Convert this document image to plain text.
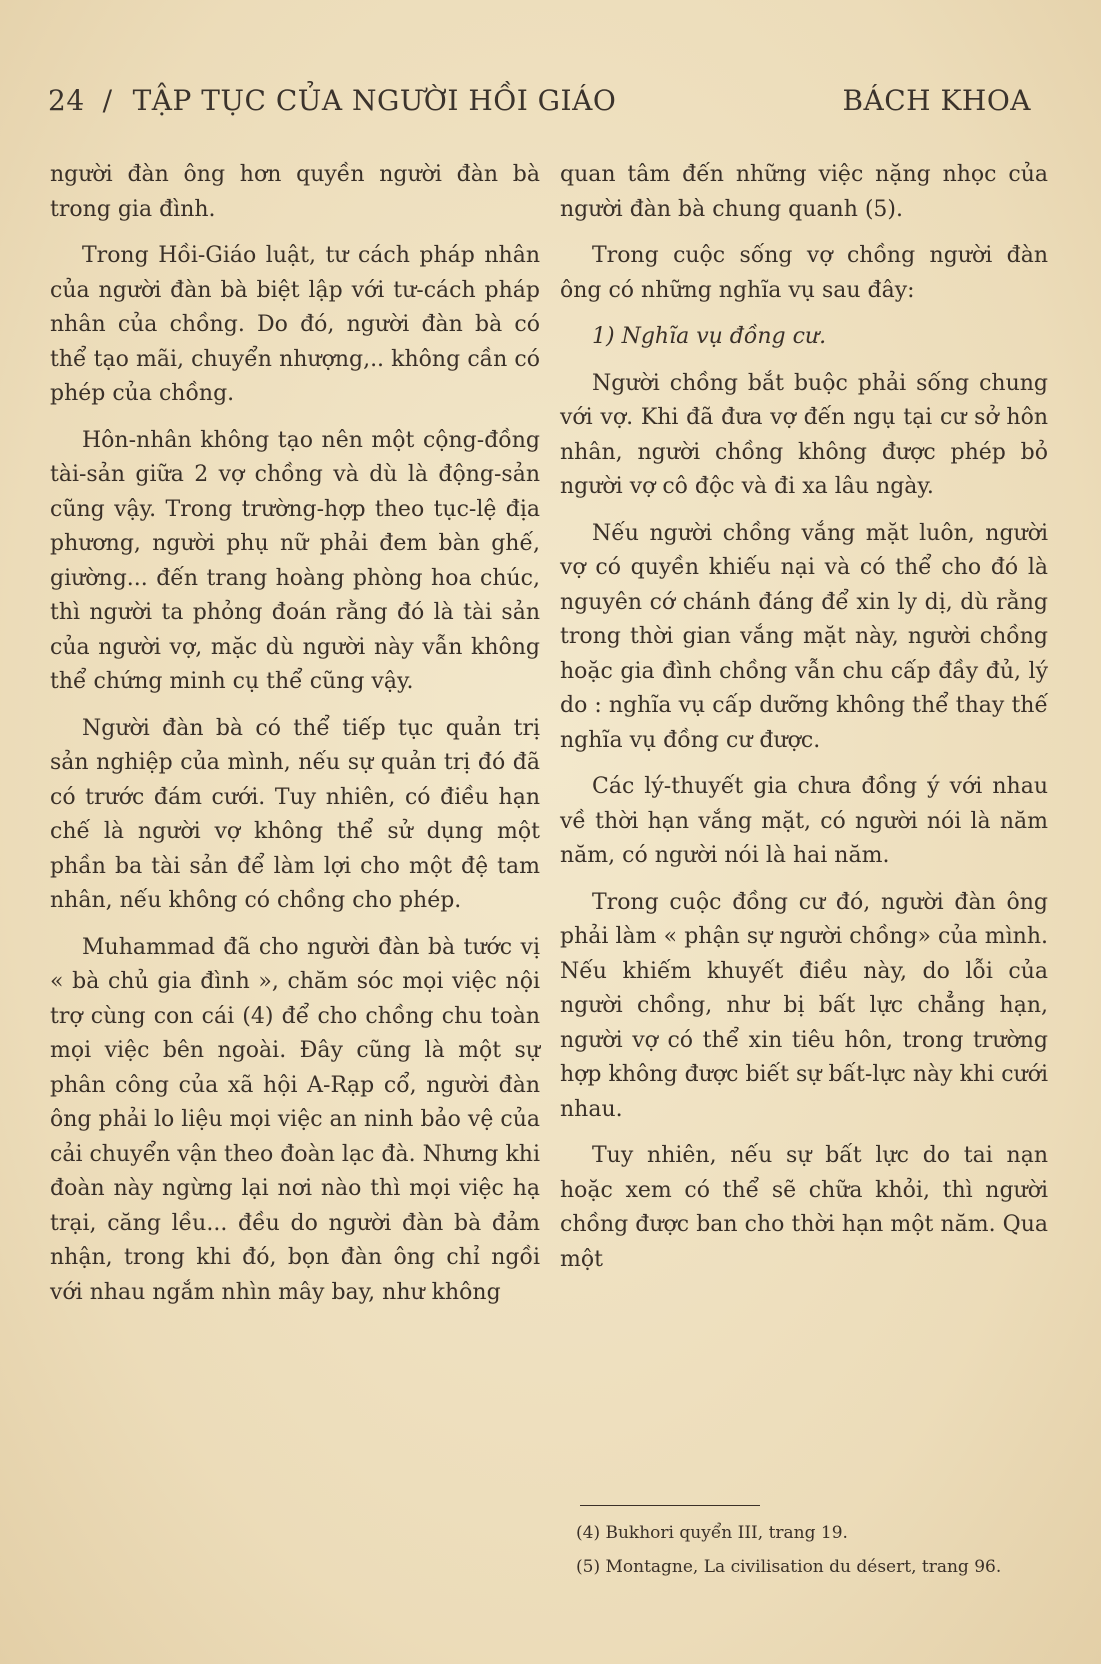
24 / TẬP TỤC CỦA NGƯỜI HỒI GIÁO	BÁCH KHOA

người đàn ông hơn quyền người đàn bà trong gia đình.

Trong Hồi-Giáo luật, tư cách pháp nhân của người đàn bà biệt lập với tư-cách pháp nhân của chồng. Do đó, người đàn bà có thể tạo mãi, chuyển nhượng,.. không cần có phép của chồng.

Hôn-nhân không tạo nên một cộng-đồng tài-sản giữa 2 vợ chồng và dù là động-sản cũng vậy. Trong trường-hợp theo tục-lệ địa phương, người phụ nữ phải đem bàn ghế, giường... đến trang hoàng phòng hoa chúc, thì người ta phỏng đoán rằng đó là tài sản của người vợ, mặc dù người này vẫn không thể chứng minh cụ thể cũng vậy.

Người đàn bà có thể tiếp tục quản trị sản nghiệp của mình, nếu sự quản trị đó đã có trước đám cưới. Tuy nhiên, có điều hạn chế là người vợ không thể sử dụng một phần ba tài sản để làm lợi cho một đệ tam nhân, nếu không có chồng cho phép.

Muhammad đã cho người đàn bà tước vị « bà chủ gia đình », chăm sóc mọi việc nội trợ cùng con cái (4) để cho chồng chu toàn mọi việc bên ngoài. Đây cũng là một sự phân công của xã hội A-Rạp cổ, người đàn ông phải lo liệu mọi việc an ninh bảo vệ của cải chuyển vận theo đoàn lạc đà. Nhưng khi đoàn này ngừng lại nơi nào thì mọi việc hạ trại, căng lều... đều do người đàn bà đảm nhận, trong khi đó, bọn đàn ông chỉ ngồi với nhau ngắm nhìn mây bay, như không

quan tâm đến những việc nặng nhọc của người đàn bà chung quanh (5).

Trong cuộc sống vợ chồng người đàn ông có những nghĩa vụ sau đây:

1) Nghĩa vụ đồng cư.

Người chồng bắt buộc phải sống chung với vợ. Khi đã đưa vợ đến ngụ tại cư sở hôn nhân, người chồng không được phép bỏ người vợ cô độc và đi xa lâu ngày.

Nếu người chồng vắng mặt luôn, người vợ có quyền khiếu nại và có thể cho đó là nguyên cớ chánh đáng để xin ly dị, dù rằng trong thời gian vắng mặt này, người chồng hoặc gia đình chồng vẫn chu cấp đầy đủ, lý do : nghĩa vụ cấp dưỡng không thể thay thế nghĩa vụ đồng cư được.

Các lý-thuyết gia chưa đồng ý với nhau về thời hạn vắng mặt, có người nói là năm năm, có người nói là hai năm.

Trong cuộc đồng cư đó, người đàn ông phải làm « phận sự người chồng» của mình. Nếu khiếm khuyết điều này, do lỗi của người chồng, như bị bất lực chẳng hạn, người vợ có thể xin tiêu hôn, trong trường hợp không được biết sự bất-lực này khi cưới nhau.

Tuy nhiên, nếu sự bất lực do tai nạn hoặc xem có thể sẽ chữa khỏi, thì người chồng được ban cho thời hạn một năm. Qua một

(4) Bukhori quyển III, trang 19.

(5) Montagne, La civilisation du désert, trang 96.
